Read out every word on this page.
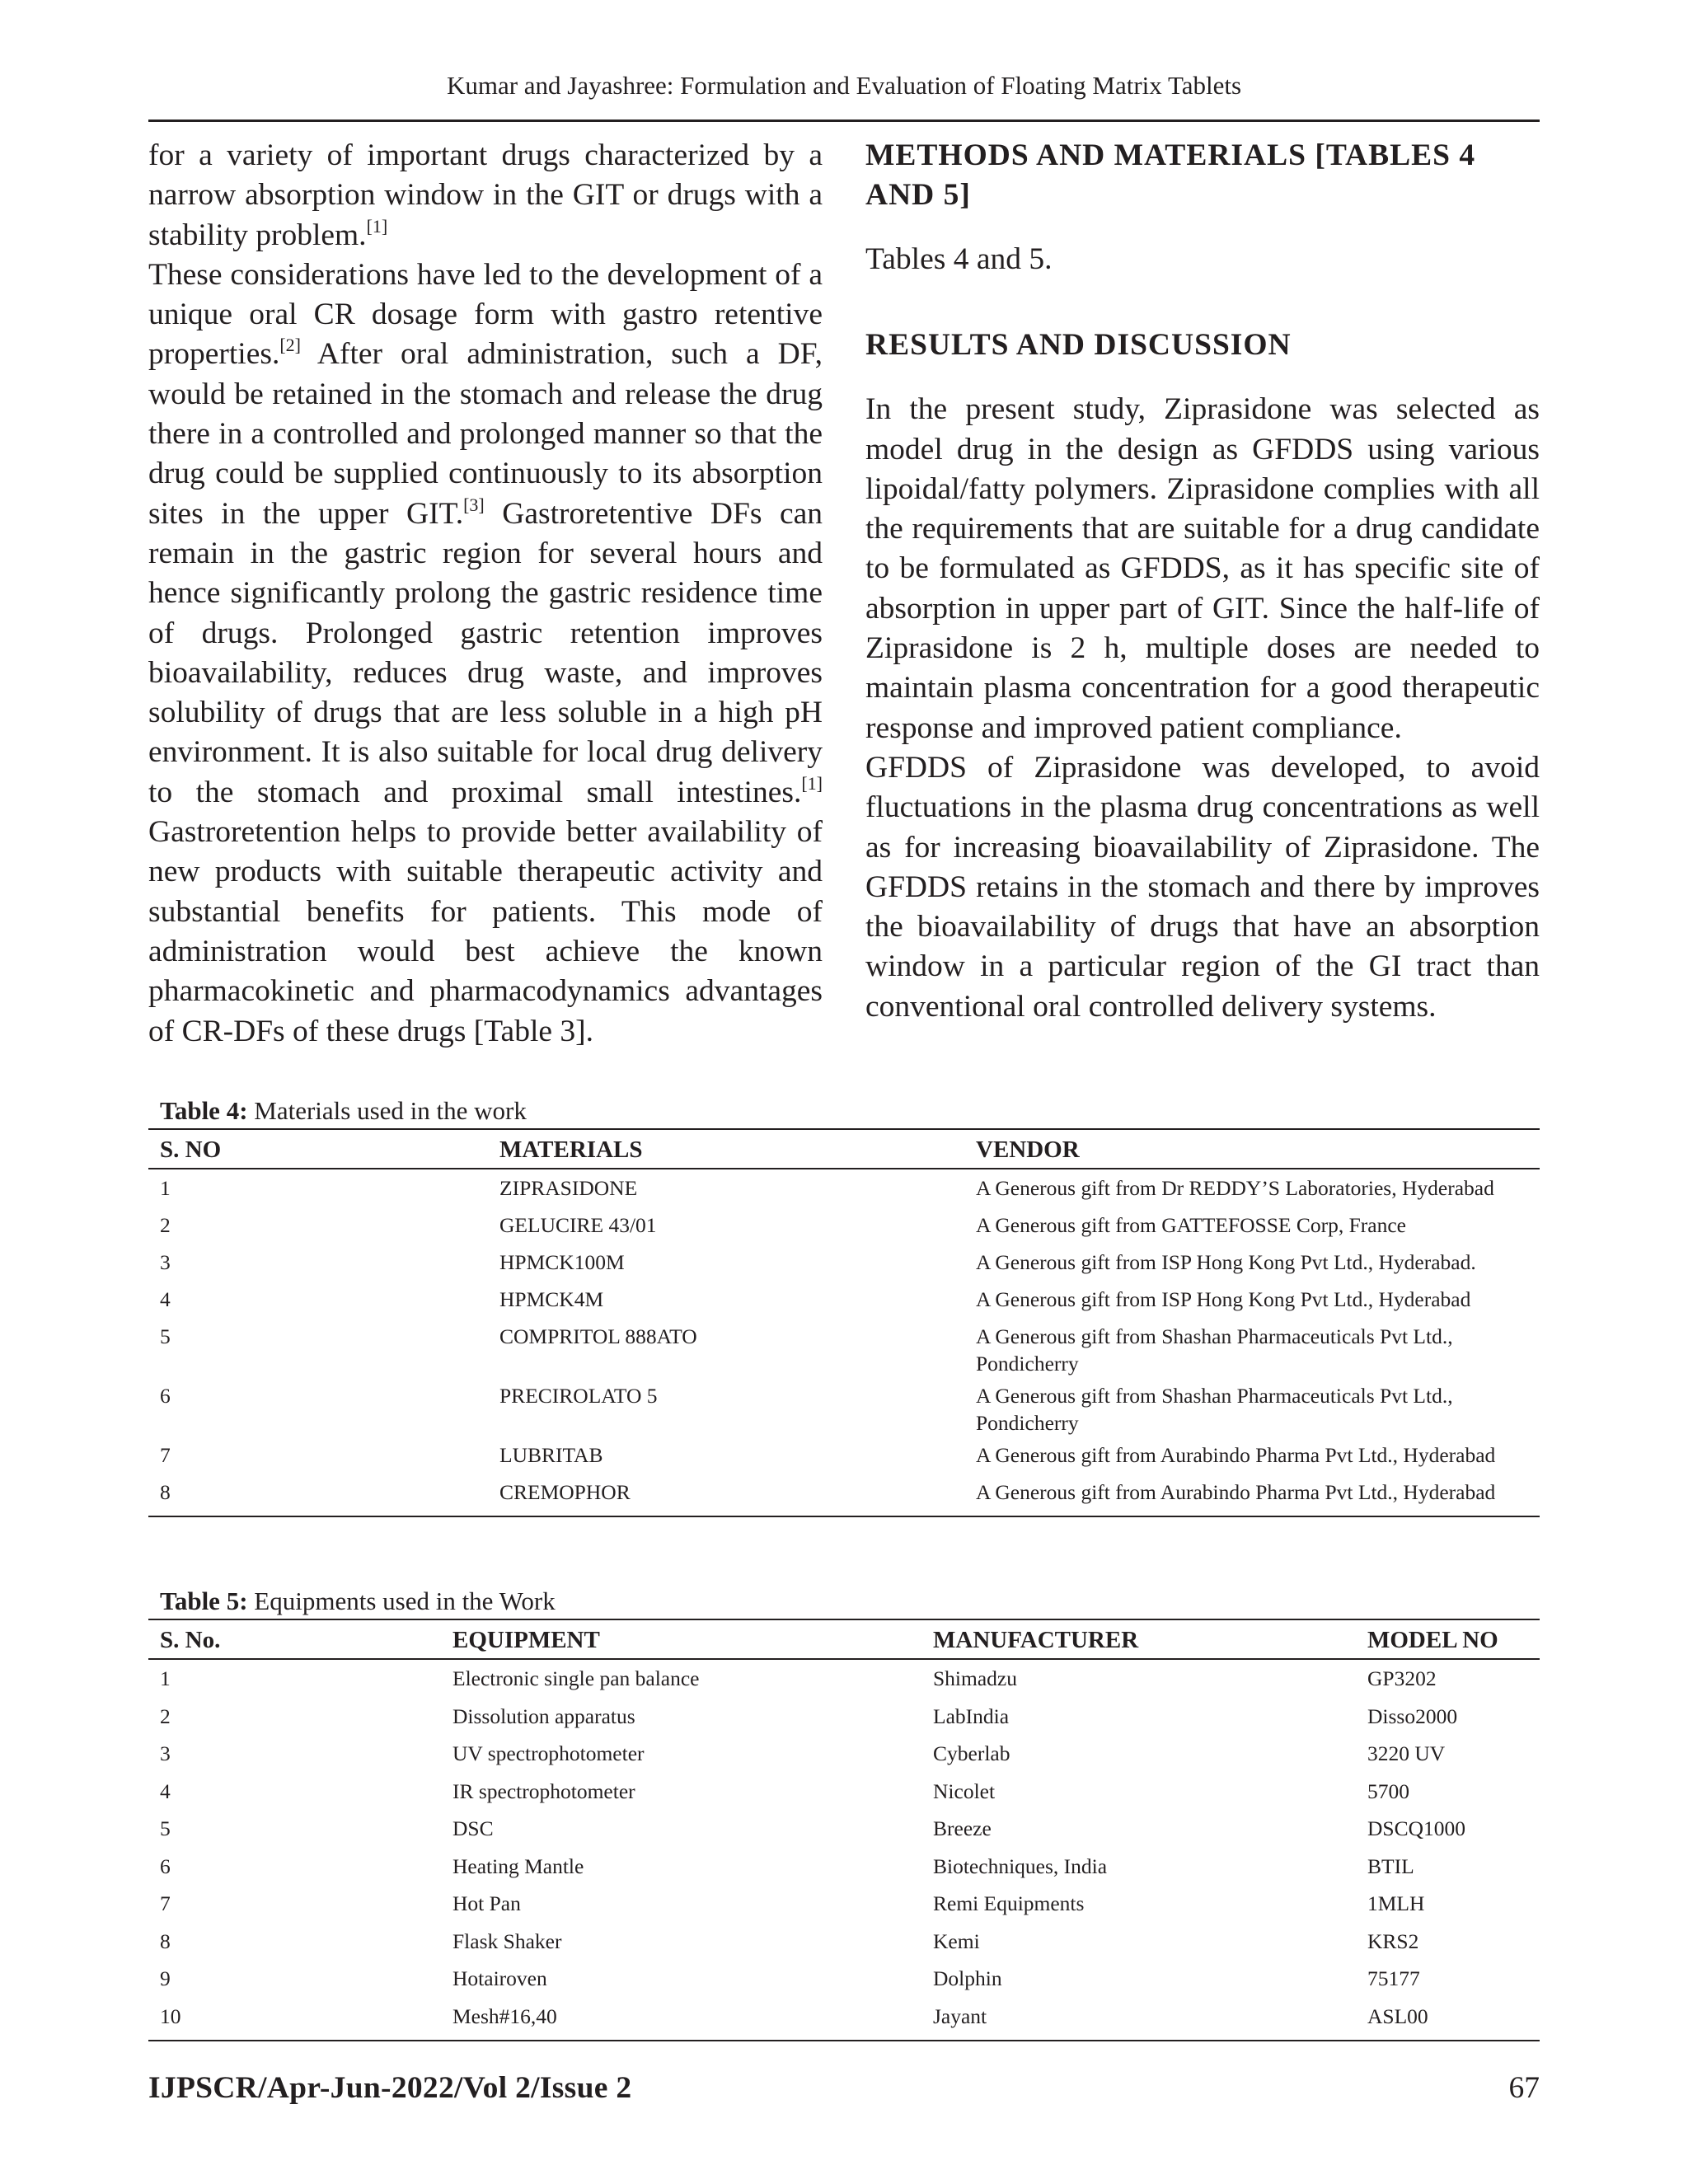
Kumar and Jayashree: Formulation and Evaluation of Floating Matrix Tablets

for a variety of important drugs characterized by a narrow absorption window in the GIT or drugs with a stability problem.[1]

These considerations have led to the development of a unique oral CR dosage form with gastro retentive properties.[2] After oral administration, such a DF, would be retained in the stomach and release the drug there in a controlled and prolonged manner so that the drug could be supplied continuously to its absorption sites in the upper GIT.[3] Gastroretentive DFs can remain in the gastric region for several hours and hence significantly prolong the gastric residence time of drugs. Prolonged gastric retention improves bioavailability, reduces drug waste, and improves solubility of drugs that are less soluble in a high pH environment. It is also suitable for local drug delivery to the stomach and proximal small intestines.[1] Gastroretention helps to provide better availability of new products with suitable therapeutic activity and substantial benefits for patients. This mode of administration would best achieve the known pharmacokinetic and pharmacodynamics advantages of CR-DFs of these drugs [Table 3].

METHODS AND MATERIALS [TABLES 4 AND 5]

Tables 4 and 5.

RESULTS AND DISCUSSION

In the present study, Ziprasidone was selected as model drug in the design as GFDDS using various lipoidal/fatty polymers. Ziprasidone complies with all the requirements that are suitable for a drug candidate to be formulated as GFDDS, as it has specific site of absorption in upper part of GIT. Since the half-life of Ziprasidone is 2 h, multiple doses are needed to maintain plasma concentration for a good therapeutic response and improved patient compliance.

GFDDS of Ziprasidone was developed, to avoid fluctuations in the plasma drug concentrations as well as for increasing bioavailability of Ziprasidone. The GFDDS retains in the stomach and there by improves the bioavailability of drugs that have an absorption window in a particular region of the GI tract than conventional oral controlled delivery systems.

Table 4: Materials used in the work
S. NO	MATERIALS	VENDOR
1	ZIPRASIDONE	A Generous gift from Dr REDDY’S Laboratories, Hyderabad
2	GELUCIRE 43/01	A Generous gift from GATTEFOSSE Corp, France
3	HPMCK100M	A Generous gift from ISP Hong Kong Pvt Ltd., Hyderabad.
4	HPMCK4M	A Generous gift from ISP Hong Kong Pvt Ltd., Hyderabad
5	COMPRITOL 888ATO	A Generous gift from Shashan Pharmaceuticals Pvt Ltd., Pondicherry
6	PRECIROLATO 5	A Generous gift from Shashan Pharmaceuticals Pvt Ltd., Pondicherry
7	LUBRITAB	A Generous gift from Aurabindo Pharma Pvt Ltd., Hyderabad
8	CREMOPHOR	A Generous gift from Aurabindo Pharma Pvt Ltd., Hyderabad
Table 5: Equipments used in the Work
S. No.	EQUIPMENT	MANUFACTURER	MODEL NO
1	Electronic single pan balance	Shimadzu	GP3202
2	Dissolution apparatus	LabIndia	Disso2000
3	UV spectrophotometer	Cyberlab	3220 UV
4	IR spectrophotometer	Nicolet	5700
5	DSC	Breeze	DSCQ1000
6	Heating Mantle	Biotechniques, India	BTIL
7	Hot Pan	Remi Equipments	1MLH
8	Flask Shaker	Kemi	KRS2
9	Hotairoven	Dolphin	75177
10	Mesh#16,40	Jayant	ASL00
IJPSCR/Apr-Jun-2022/Vol 2/Issue 2	67
